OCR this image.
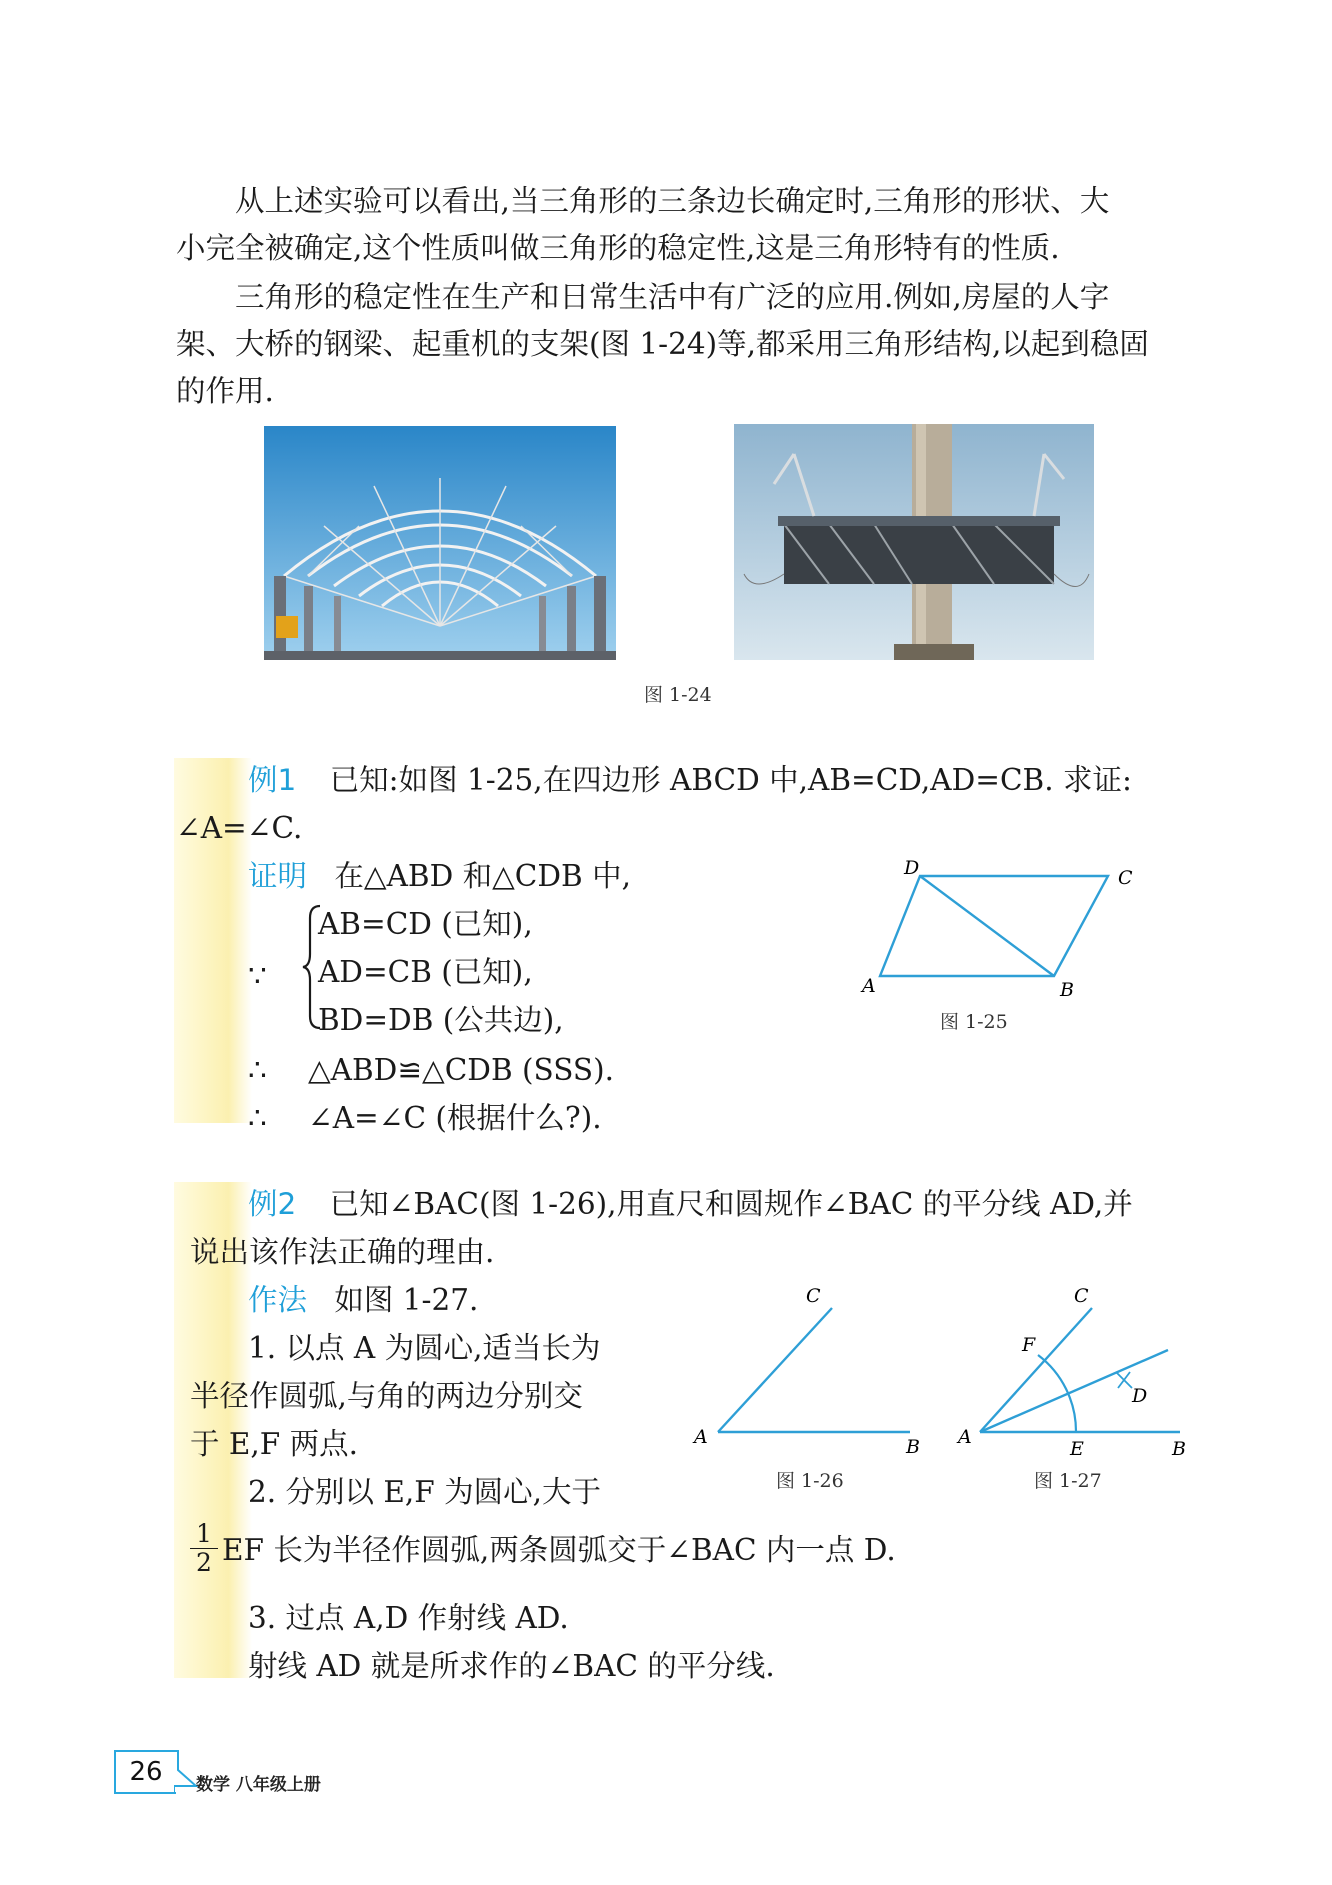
从上述实验可以看出,当三角形的三条边长确定时,三角形的形状、大
小完全被确定,这个性质叫做三角形的稳定性,这是三角形特有的性质.
三角形的稳定性在生产和日常生活中有广泛的应用.例如,房屋的人字
架、大桥的钢梁、起重机的支架(图 1-24)等,都采用三角形结构,以起到稳固
的作用.
图 1-24
例1 已知:如图 1-25,在四边形 ABCD 中,AB=CD,AD=CB. 求证:
∠A=∠C.
证明 在△ABD 和△CDB 中,
∵
AB=CD (已知),
AD=CB (已知),
BD=DB (公共边),
∴ △ABD≌△CDB (SSS).
∴ ∠A=∠C (根据什么?).
D	C
A	B
图 1-25
例2 已知∠BAC(图 1-26),用直尺和圆规作∠BAC 的平分线 AD,并
说出该作法正确的理由.
作法 如图 1-27.
1. 以点 A 为圆心,适当长为
半径作圆弧,与角的两边分别交
于 E,F 两点.
2. 分别以 E,F 为圆心,大于
$\frac{1}{2}$ EF 长为半径作圆弧,两条圆弧交于∠BAC 内一点 D.
3. 过点 A,D 作射线 AD.
射线 AD 就是所求作的∠BAC 的平分线.
C
A	B
图 1-26
C
F
D
A
E	B
图 1-27
26	数学 八年级上册
